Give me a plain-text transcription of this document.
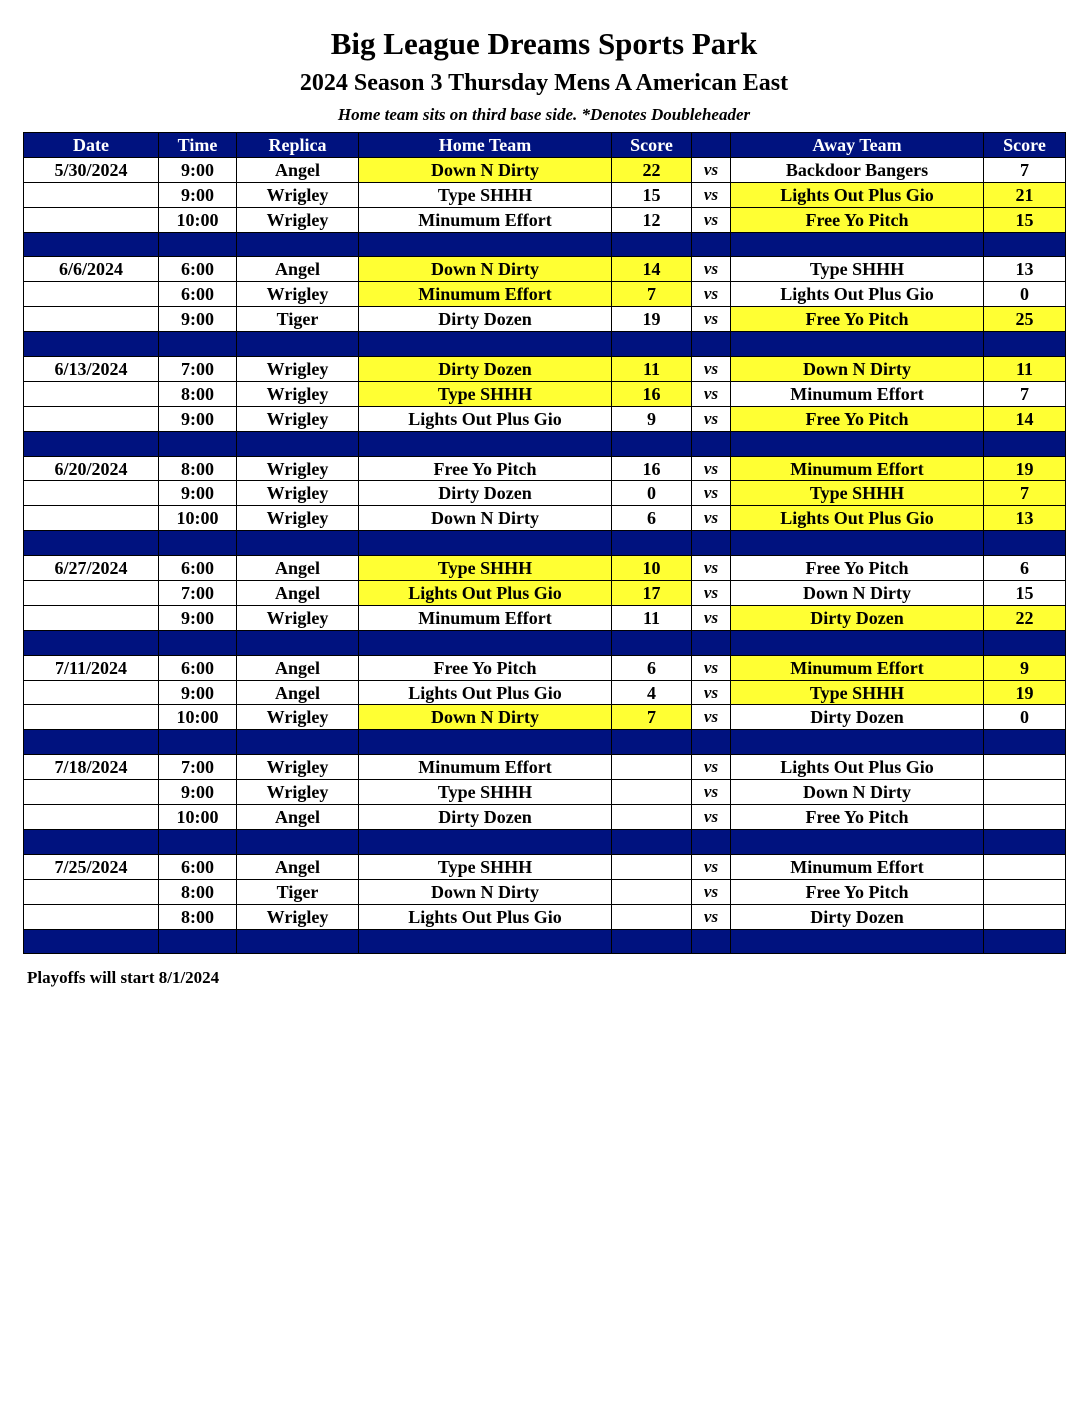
Big League Dreams Sports Park
2024 Season 3 Thursday Mens A American East
Home team sits on third base side. *Denotes Doubleheader
Date	Time	Replica	Home Team	Score		Away Team	Score
5/30/2024	9:00	Angel	Down N Dirty	22	vs	Backdoor Bangers	7
	9:00	Wrigley	Type SHHH	15	vs	Lights Out Plus Gio	21
	10:00	Wrigley	Minumum Effort	12	vs	Free Yo Pitch	15

6/6/2024	6:00	Angel	Down N Dirty	14	vs	Type SHHH	13
	6:00	Wrigley	Minumum Effort	7	vs	Lights Out Plus Gio	0
	9:00	Tiger	Dirty Dozen	19	vs	Free Yo Pitch	25

6/13/2024	7:00	Wrigley	Dirty Dozen	11	vs	Down N Dirty	11
	8:00	Wrigley	Type SHHH	16	vs	Minumum Effort	7
	9:00	Wrigley	Lights Out Plus Gio	9	vs	Free Yo Pitch	14

6/20/2024	8:00	Wrigley	Free Yo Pitch	16	vs	Minumum Effort	19
	9:00	Wrigley	Dirty Dozen	0	vs	Type SHHH	7
	10:00	Wrigley	Down N Dirty	6	vs	Lights Out Plus Gio	13

6/27/2024	6:00	Angel	Type SHHH	10	vs	Free Yo Pitch	6
	7:00	Angel	Lights Out Plus Gio	17	vs	Down N Dirty	15
	9:00	Wrigley	Minumum Effort	11	vs	Dirty Dozen	22

7/11/2024	6:00	Angel	Free Yo Pitch	6	vs	Minumum Effort	9
	9:00	Angel	Lights Out Plus Gio	4	vs	Type SHHH	19
	10:00	Wrigley	Down N Dirty	7	vs	Dirty Dozen	0

7/18/2024	7:00	Wrigley	Minumum Effort		vs	Lights Out Plus Gio	
	9:00	Wrigley	Type SHHH		vs	Down N Dirty	
	10:00	Angel	Dirty Dozen		vs	Free Yo Pitch	

7/25/2024	6:00	Angel	Type SHHH		vs	Minumum Effort	
	8:00	Tiger	Down N Dirty		vs	Free Yo Pitch	
	8:00	Wrigley	Lights Out Plus Gio		vs	Dirty Dozen	

Playoffs will start 8/1/2024
